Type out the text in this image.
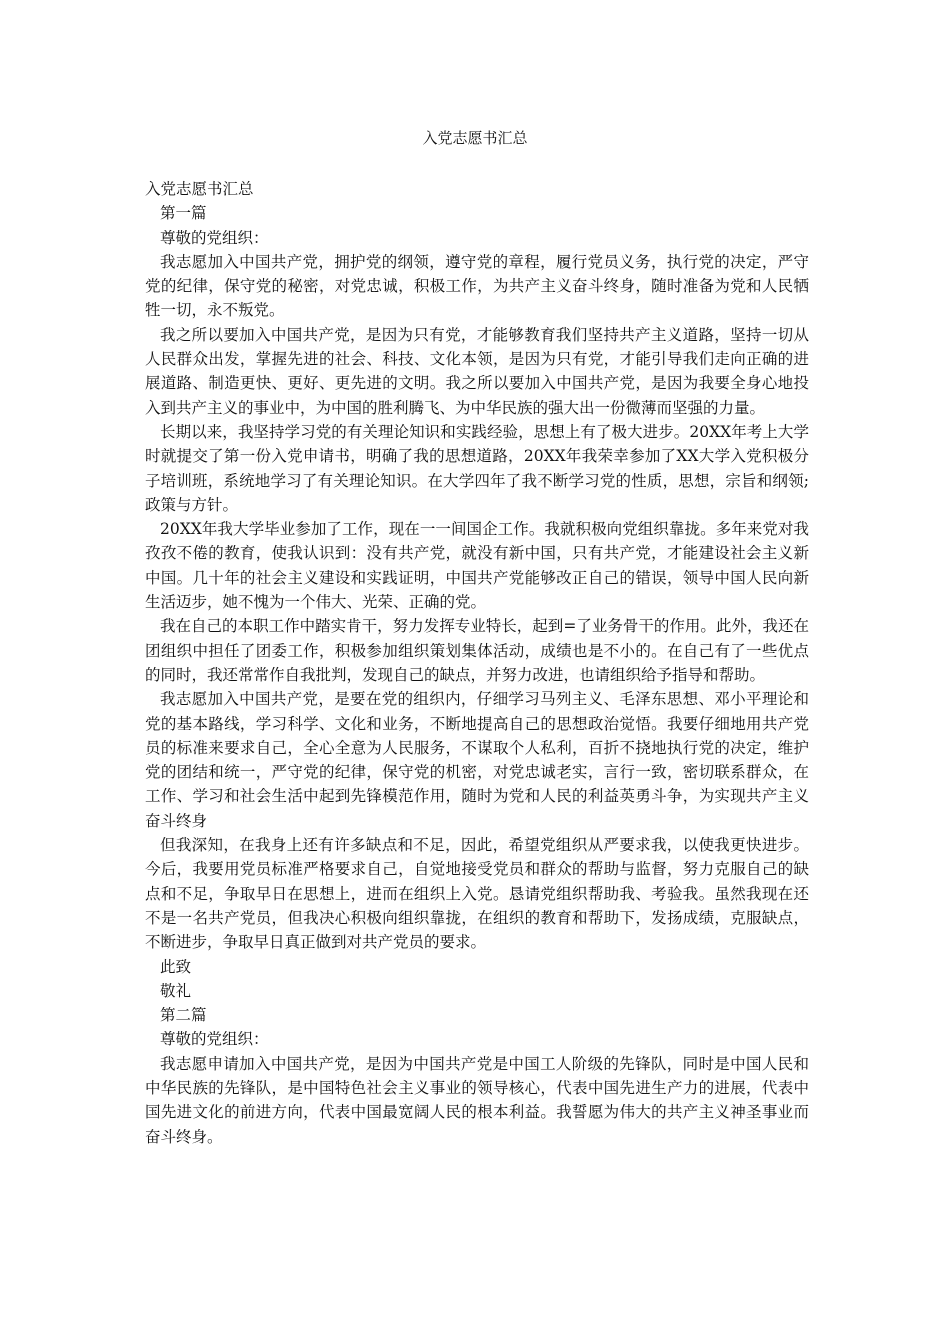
入党志愿书汇总

入党志愿书汇总

第一篇

尊敬的党组织：

我志愿加入中国共产党，拥护党的纲领，遵守党的章程，履行党员义务，执行党的决定，严守党的纪律，保守党的秘密，对党忠诚，积极工作，为共产主义奋斗终身，随时准备为党和人民牺牲一切，永不叛党。

我之所以要加入中国共产党，是因为只有党，才能够教育我们坚持共产主义道路，坚持一切从人民群众出发，掌握先进的社会、科技、文化本领，是因为只有党，才能引导我们走向正确的进展道路、制造更快、更好、更先进的文明。我之所以要加入中国共产党，是因为我要全身心地投入到共产主义的事业中，为中国的胜利腾飞、为中华民族的强大出一份微薄而坚强的力量。

长期以来，我坚持学习党的有关理论知识和实践经验，思想上有了极大进步。20XX年考上大学时就提交了第一份入党申请书，明确了我的思想道路，20XX年我荣幸参加了XX大学入党积极分子培训班，系统地学习了有关理论知识。在大学四年了我不断学习党的性质，思想，宗旨和纲领;政策与方针。

20XX年我大学毕业参加了工作，现在一一间国企工作。我就积极向党组织靠拢。多年来党对我孜孜不倦的教育，使我认识到：没有共产党，就没有新中国，只有共产党，才能建设社会主义新中国。几十年的社会主义建设和实践证明，中国共产党能够改正自己的错误，领导中国人民向新生活迈步，她不愧为一个伟大、光荣、正确的党。

我在自己的本职工作中踏实肯干，努力发挥专业特长，起到=了业务骨干的作用。此外，我还在团组织中担任了团委工作，积极参加组织策划集体活动，成绩也是不小的。在自己有了一些优点的同时，我还常常作自我批判，发现自己的缺点，并努力改进，也请组织给予指导和帮助。

我志愿加入中国共产党，是要在党的组织内，仔细学习马列主义、毛泽东思想、邓小平理论和党的基本路线，学习科学、文化和业务，不断地提高自己的思想政治觉悟。我要仔细地用共产党员的标准来要求自己，全心全意为人民服务，不谋取个人私利，百折不挠地执行党的决定，维护党的团结和统一，严守党的纪律，保守党的机密，对党忠诚老实，言行一致，密切联系群众，在工作、学习和社会生活中起到先锋模范作用，随时为党和人民的利益英勇斗争，为实现共产主义奋斗终身

但我深知，在我身上还有许多缺点和不足，因此，希望党组织从严要求我，以使我更快进步。今后，我要用党员标准严格要求自己，自觉地接受党员和群众的帮助与监督，努力克服自己的缺点和不足，争取早日在思想上，进而在组织上入党。恳请党组织帮助我、考验我。虽然我现在还不是一名共产党员，但我决心积极向组织靠拢，在组织的教育和帮助下，发扬成绩，克服缺点，不断进步，争取早日真正做到对共产党员的要求。

此致

敬礼

第二篇

尊敬的党组织：

我志愿申请加入中国共产党，是因为中国共产党是中国工人阶级的先锋队，同时是中国人民和中华民族的先锋队，是中国特色社会主义事业的领导核心，代表中国先进生产力的进展，代表中国先进文化的前进方向，代表中国最宽阔人民的根本利益。我誓愿为伟大的共产主义神圣事业而奋斗终身。
